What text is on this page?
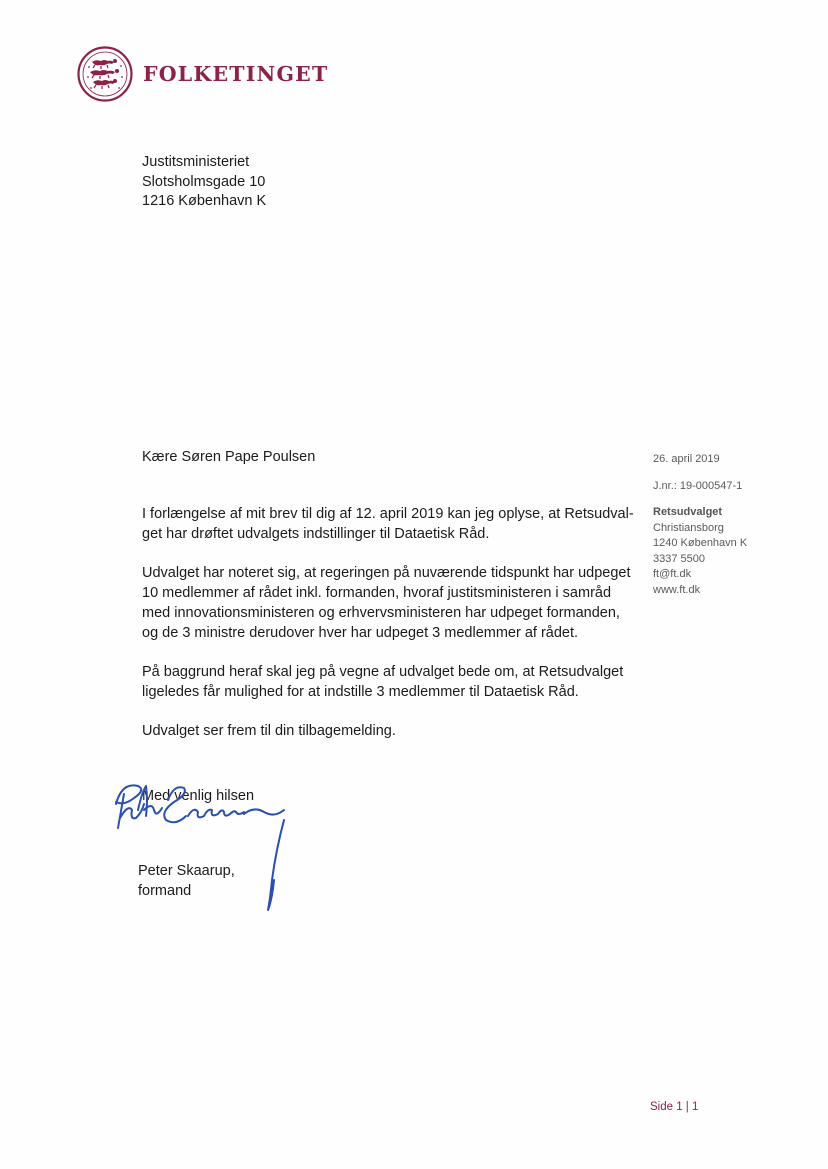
FOLKETINGET
Justitsministeriet
Slotsholmsgade 10
1216 København K
Kære Søren Pape Poulsen	26. april 2019
J.nr.: 19-000547-1
Retsudvalget
Christiansborg
1240 København K
3337 5500
ft@ft.dk
www.ft.dk
I forlængelse af mit brev til dig af 12. april 2019 kan jeg oplyse, at Retsudval-
get har drøftet udvalgets indstillinger til Dataetisk Råd.
Udvalget har noteret sig, at regeringen på nuværende tidspunkt har udpeget
10 medlemmer af rådet inkl. formanden, hvoraf justitsministeren i samråd
med innovationsministeren og erhvervsministeren har udpeget formanden,
og de 3 ministre derudover hver har udpeget 3 medlemmer af rådet.
På baggrund heraf skal jeg på vegne af udvalget bede om, at Retsudvalget
ligeledes får mulighed for at indstille 3 medlemmer til Dataetisk Råd.
Udvalget ser frem til din tilbagemelding.
Med venlig hilsen
Peter Skaarup,
formand
Side 1 | 1
